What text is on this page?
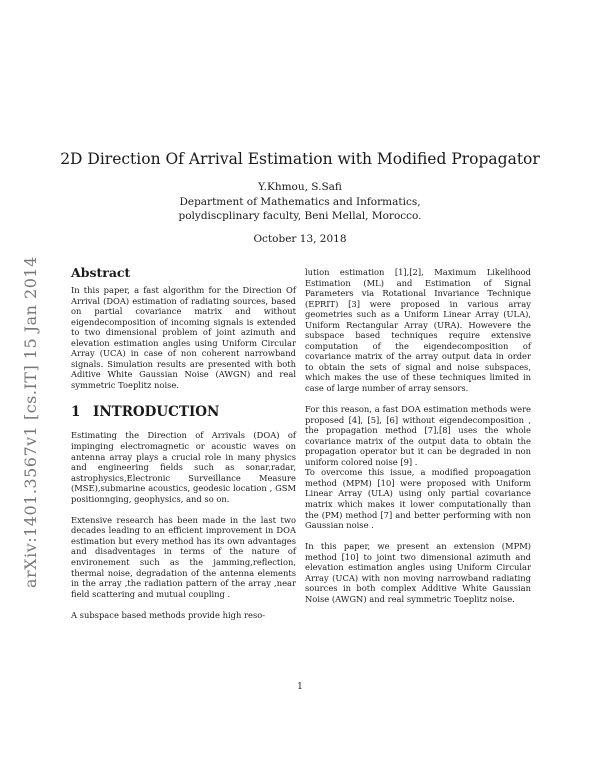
arXiv:1401.3567v1 [cs.IT] 15 Jan 2014
2D Direction Of Arrival Estimation with Modified Propagator
Y.Khmou, S.Safi
Department of Mathematics and Informatics,
polydiscplinary faculty, Beni Mellal, Morocco.
October 13, 2018
Abstract

In this paper, a fast algorithm for the Direction Of Arrival (DOA) estimation of radiating sources, based on partial covariance matrix and without eigendecomposition of incoming signals is extended to two dimensional problem of joint azimuth and elevation estimation angles using Uniform Circular Array (UCA) in case of non coherent narrowband signals. Simulation results are presented with both Aditive White Gaussian Noise (AWGN) and real symmetric Toeplitz noise.

1 INTRODUCTION

Estimating the Direction of Arrivals (DOA) of impinging electromagnetic or acoustic waves on antenna array plays a crucial role in many physics and engineering fields such as sonar,radar, astrophysics,Electronic Surveillance Measure (MSE),submarine acoustics, geodesic location , GSM positionnging, geophysics, and so on.

Extensive research has been made in the last two decades leading to an efficient improvement in DOA estimation but every method has its own advantages and disadventages in terms of the nature of environement such as the jamming,reflection, thermal noise, degradation of the antenna elements in the array ,the radiation pattern of the array ,near field scattering and mutual coupling .

A subspace based methods provide high reso-

lution estimation [1],[2], Maximum Likelihood Estimation (ML) and Estimation of Signal Parameters via Rotational Invariance Technique (EPRIT) [3] were proposed in various array geometries such as a Uniform Linear Array (ULA), Uniform Rectangular Array (URA). Howevere the subspace based techniques require extensive computation of the eigendecomposition of covariance matrix of the array output data in order to obtain the sets of signal and noise subspaces, which makes the use of these techniques limited in case of large number of array sensors.

For this reason, a fast DOA estimation methods were proposed [4], [5], [6] without eigendecomposition , the propagation method [7],[8] uses the whole covariance matrix of the output data to obtain the propagation operator but it can be degraded in non uniform colored noise [9] .

To overcome this issue, a modified propoagation method (MPM) [10] were proposed with Uniform Linear Array (ULA) using only partial covariance matrix which makes it lower computationally than the (PM) method [7] and better performing with non Gaussian noise .

In this paper, we present an extension (MPM) method [10] to joint two dimensional azimuth and elevation estimation angles using Uniform Circular Array (UCA) with non moving narrowband radiating sources in both complex Additive White Gaussian Noise (AWGN) and real symmetric Toeplitz noise.

1
